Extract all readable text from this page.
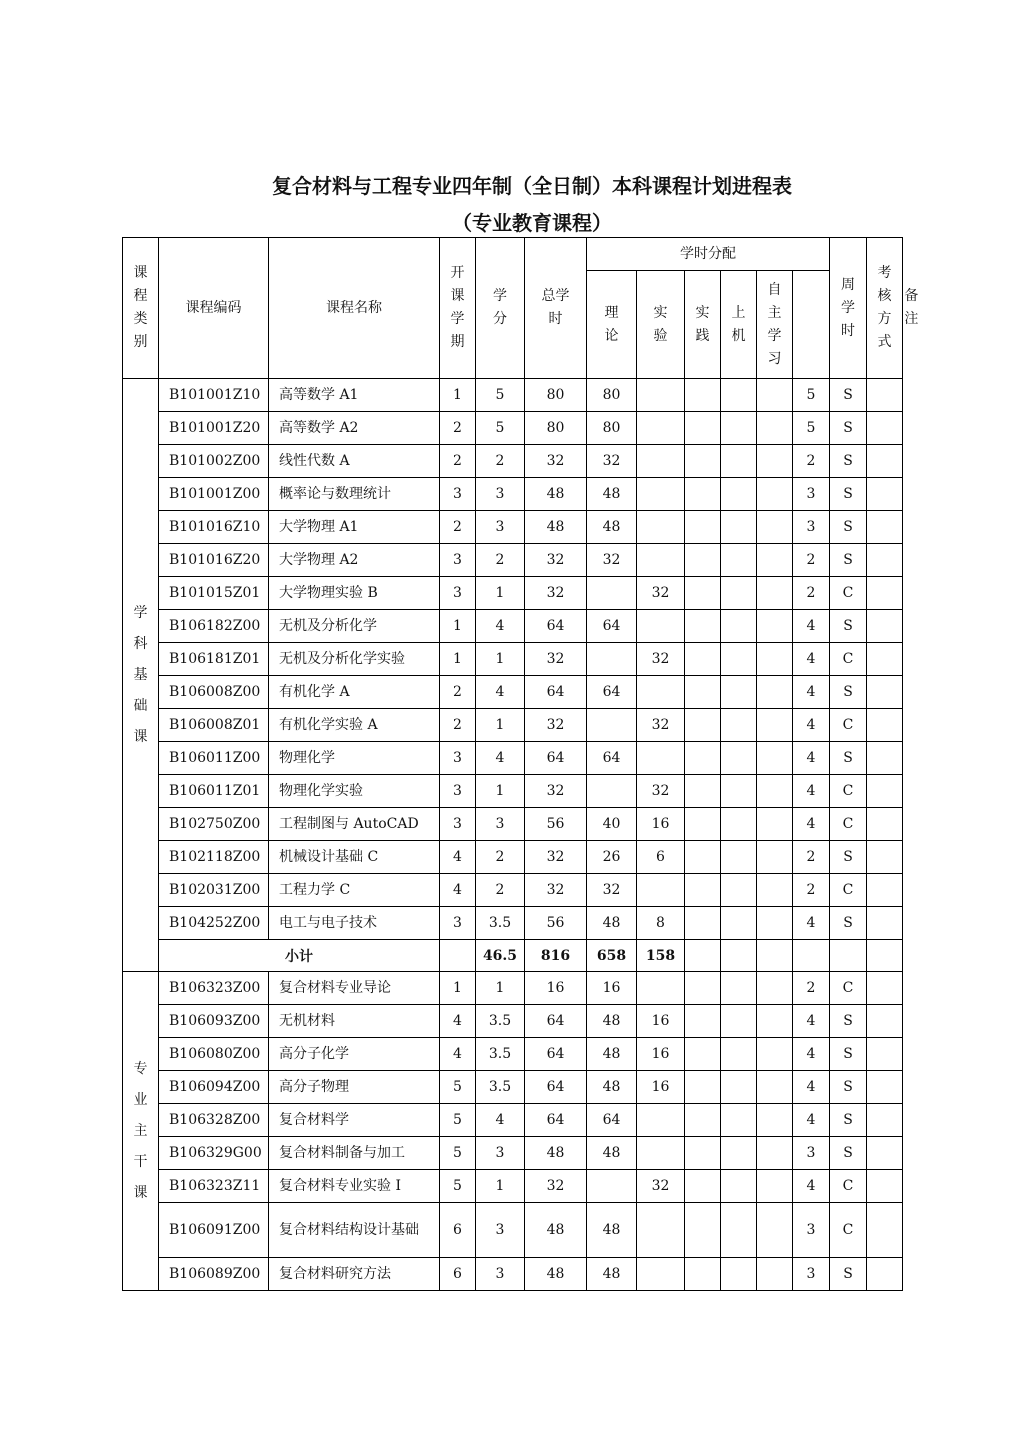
复合材料与工程专业四年制（全日制）本科课程计划进程表
（专业教育课程）
课程类别	课程编码	课程名称	开课学期	学分	总学时	学时分配						周学时	考核方式	备注
						理论	实验	实践	上机	自主学习				
学科基础课	B101001Z10	高等数学 A1	1	5	80	80					5	S		
	B101001Z20	高等数学 A2	2	5	80	80					5	S		
	B101002Z00	线性代数 A	2	2	32	32					2	S		
	B101001Z00	概率论与数理统计	3	3	48	48					3	S		
	B101016Z10	大学物理 A1	2	3	48	48					3	S		
	B101016Z20	大学物理 A2	3	2	32	32					2	S		
	B101015Z01	大学物理实验 B	3	1	32		32				2	C		
	B106182Z00	无机及分析化学	1	4	64	64					4	S		
	B106181Z01	无机及分析化学实验	1	1	32		32				4	C		
	B106008Z00	有机化学 A	2	4	64	64					4	S		
	B106008Z01	有机化学实验 A	2	1	32		32				4	C		
	B106011Z00	物理化学	3	4	64	64					4	S		
	B106011Z01	物理化学实验	3	1	32		32				4	C		
	B102750Z00	工程制图与 AutoCAD	3	3	56	40	16				4	C		
	B102118Z00	机械设计基础 C	4	2	32	26	6				2	S		
	B102031Z00	工程力学 C	4	2	32	32					2	C		
	B104252Z00	电工与电子技术	3	3.5	56	48	8				4	S		
	小计			46.5	816	658	158							
专业主干课	B106323Z00	复合材料专业导论	1	1	16	16					2	C		
	B106093Z00	无机材料	4	3.5	64	48	16				4	S		
	B106080Z00	高分子化学	4	3.5	64	48	16				4	S		
	B106094Z00	高分子物理	5	3.5	64	48	16				4	S		
	B106328Z00	复合材料学	5	4	64	64					4	S		
	B106329G00	复合材料制备与加工	5	3	48	48					3	S		
	B106323Z11	复合材料专业实验 I	5	1	32		32				4	C		
	B106091Z00	复合材料结构设计基础	6	3	48	48					3	C		
	B106089Z00	复合材料研究方法	6	3	48	48					3	S		
